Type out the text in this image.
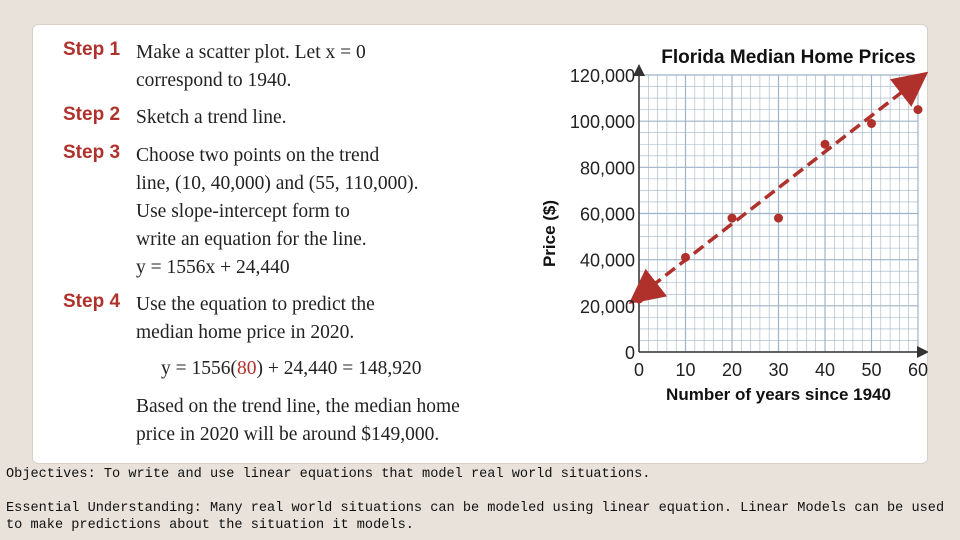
Step 1 Make a scatter plot. Let x = 0
correspond to 1940.
Step 2 Sketch a trend line.
Step 3 Choose two points on the trend
line, (10, 40,000) and (55, 110,000).
Use slope-intercept form to
write an equation for the line.
y = 1556x + 24,440
Step 4 Use the equation to predict the
median home price in 2020.
y = 1556(80) + 24,440 = 148,920
Based on the trend line, the median home
price in 2020 will be around $149,000.
0 10 20 30 40 50 60
0
20,000
40,000
60,000
80,000
100,000
120,000
Florida Median Home Prices
Number of years since 1940
Price ($)

Objectives: To write and use linear equations that model real world situations.

Essential Understanding: Many real world situations can be modeled using linear equation. Linear Models can be used to make predictions about the situation it models.
